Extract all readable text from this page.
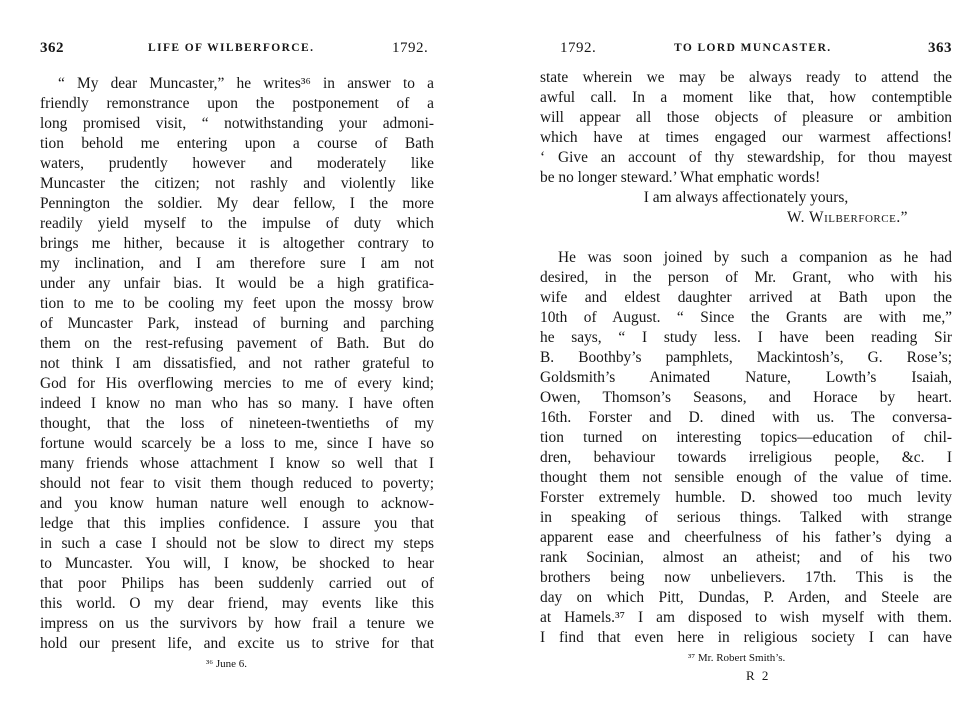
362	LIFE OF WILBERFORCE.	1792.
“ My dear Muncaster,” he writes³⁶ in answer to a
friendly remonstrance upon the postponement of a
long promised visit, “ notwithstanding your admoni-
tion behold me entering upon a course of Bath
waters, prudently however and moderately like
Muncaster the citizen; not rashly and violently like
Pennington the soldier. My dear fellow, I the more
readily yield myself to the impulse of duty which
brings me hither, because it is altogether contrary to
my inclination, and I am therefore sure I am not
under any unfair bias. It would be a high gratifica-
tion to me to be cooling my feet upon the mossy brow
of Muncaster Park, instead of burning and parching
them on the rest-refusing pavement of Bath. But do
not think I am dissatisfied, and not rather grateful to
God for His overflowing mercies to me of every kind;
indeed I know no man who has so many. I have often
thought, that the loss of nineteen-twentieths of my
fortune would scarcely be a loss to me, since I have so
many friends whose attachment I know so well that I
should not fear to visit them though reduced to poverty;
and you know human nature well enough to acknow-
ledge that this implies confidence. I assure you that
in such a case I should not be slow to direct my steps
to Muncaster. You will, I know, be shocked to hear
that poor Philips has been suddenly carried out of
this world. O my dear friend, may events like this
impress on us the survivors by how frail a tenure we
hold our present life, and excite us to strive for that
³⁶ June 6.
1792.	TO LORD MUNCASTER.	363
state wherein we may be always ready to attend the
awful call. In a moment like that, how contemptible
will appear all those objects of pleasure or ambition
which have at times engaged our warmest affections!
‘ Give an account of thy stewardship, for thou mayest
be no longer steward.’ What emphatic words!
I am always affectionately yours,
W. Wilberforce.”
He was soon joined by such a companion as he had
desired, in the person of Mr. Grant, who with his
wife and eldest daughter arrived at Bath upon the
10th of August. “ Since the Grants are with me,”
he says, “ I study less. I have been reading Sir
B. Boothby’s pamphlets, Mackintosh’s, G. Rose’s;
Goldsmith’s Animated Nature, Lowth’s Isaiah,
Owen, Thomson’s Seasons, and Horace by heart.
16th. Forster and D. dined with us. The conversa-
tion turned on interesting topics—education of chil-
dren, behaviour towards irreligious people, &c. I
thought them not sensible enough of the value of time.
Forster extremely humble. D. showed too much levity
in speaking of serious things. Talked with strange
apparent ease and cheerfulness of his father’s dying a
rank Socinian, almost an atheist; and of his two
brothers being now unbelievers. 17th. This is the
day on which Pitt, Dundas, P. Arden, and Steele are
at Hamels.³⁷ I am disposed to wish myself with them.
I find that even here in religious society I can have
³⁷ Mr. Robert Smith’s.
R 2
